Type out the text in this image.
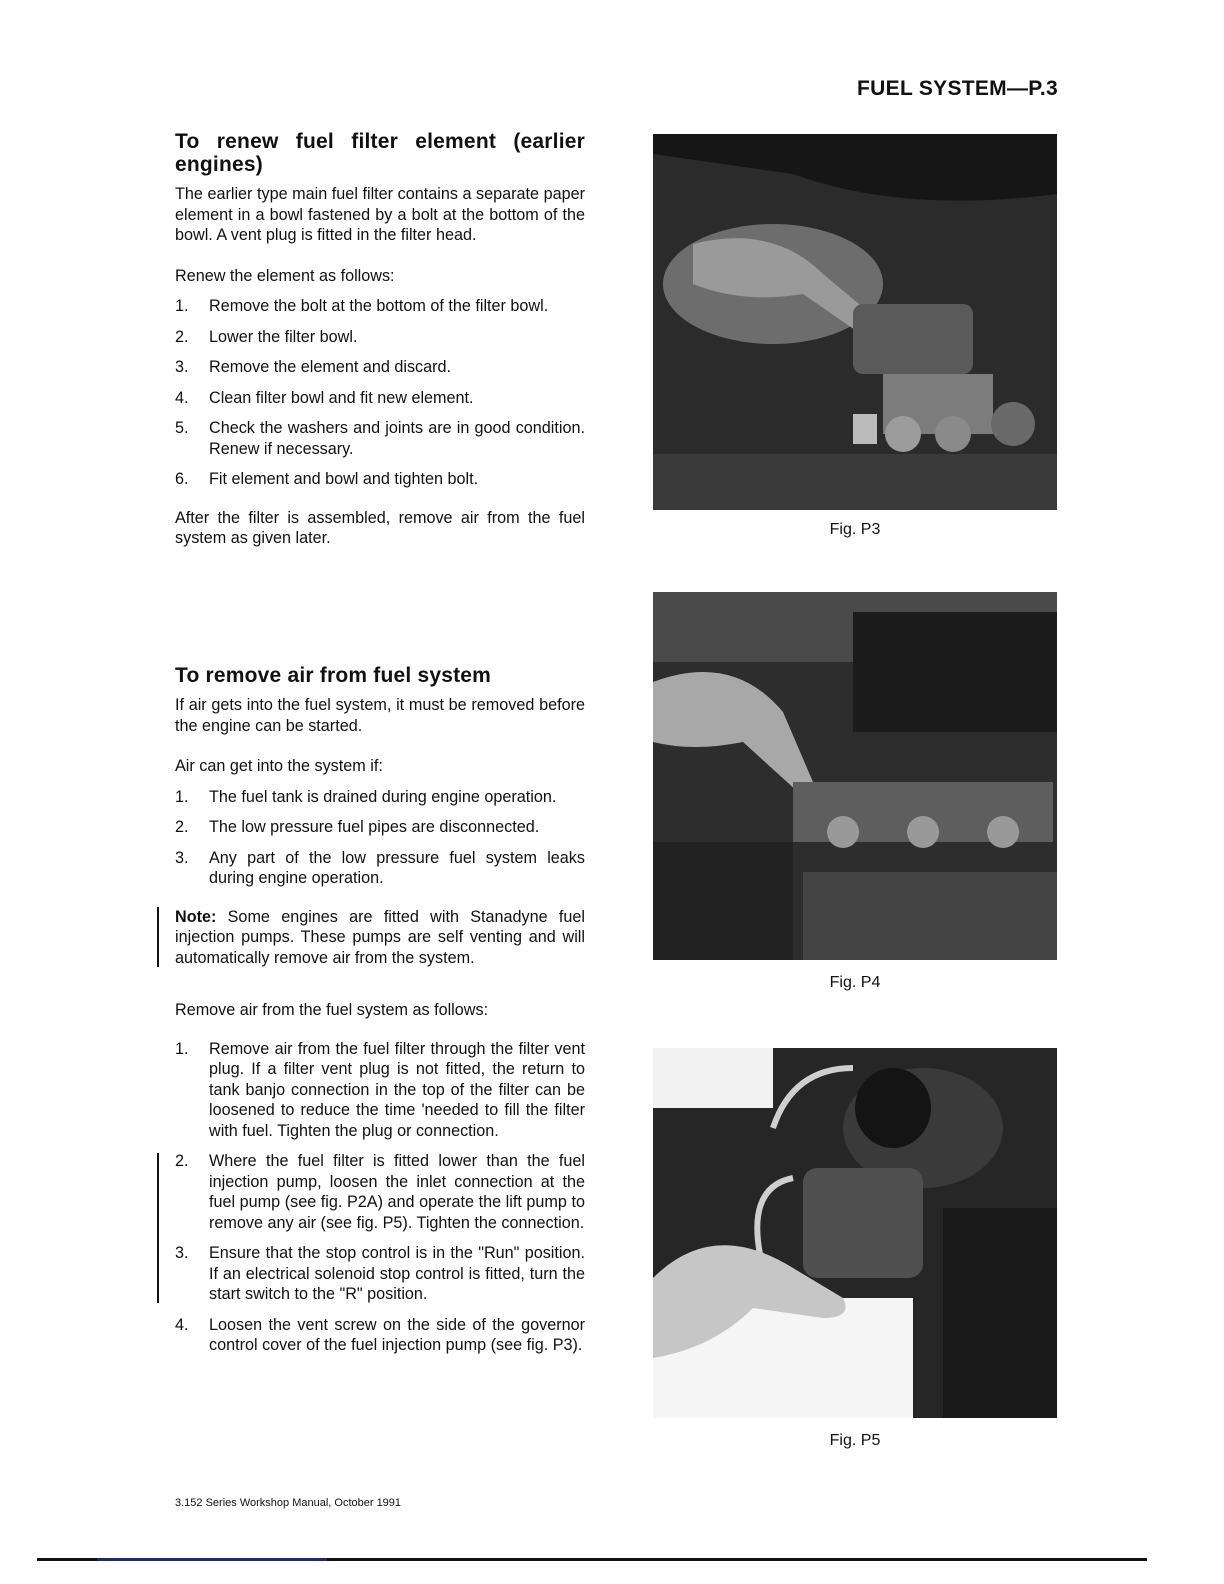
FUEL SYSTEM—P.3
To renew fuel filter element (earlier engines)

The earlier type main fuel filter contains a separate paper element in a bowl fastened by a bolt at the bottom of the bowl. A vent plug is fitted in the filter head.

Renew the element as follows:

1.	Remove the bolt at the bottom of the filter bowl.
2.	Lower the filter bowl.
3.	Remove the element and discard.
4.	Clean filter bowl and fit new element.
5.	Check the washers and joints are in good condition. Renew if necessary.
6.	Fit element and bowl and tighten bolt.

After the filter is assembled, remove air from the fuel system as given later.

To remove air from fuel system

If air gets into the fuel system, it must be removed before the engine can be started.

Air can get into the system if:

1.	The fuel tank is drained during engine operation.
2.	The low pressure fuel pipes are disconnected.
3.	Any part of the low pressure fuel system leaks during engine operation.

Note: Some engines are fitted with Stanadyne fuel injection pumps. These pumps are self venting and will automatically remove air from the system.

Remove air from the fuel system as follows:

1.	Remove air from the fuel filter through the filter vent plug. If a filter vent plug is not fitted, the return to tank banjo connection in the top of the filter can be loosened to reduce the time 'needed to fill the filter with fuel. Tighten the plug or connection.
2.	Where the fuel filter is fitted lower than the fuel injection pump, loosen the inlet connection at the fuel pump (see fig. P2A) and operate the lift pump to remove any air (see fig. P5). Tighten the connection.
3.	Ensure that the stop control is in the "Run" position. If an electrical solenoid stop control is fitted, turn the start switch to the "R" position.
4.	Loosen the vent screw on the side of the governor control cover of the fuel injection pump (see fig. P3).
Fig. P3
Fig. P4
Fig. P5
3.152 Series Workshop Manual, October 1991
